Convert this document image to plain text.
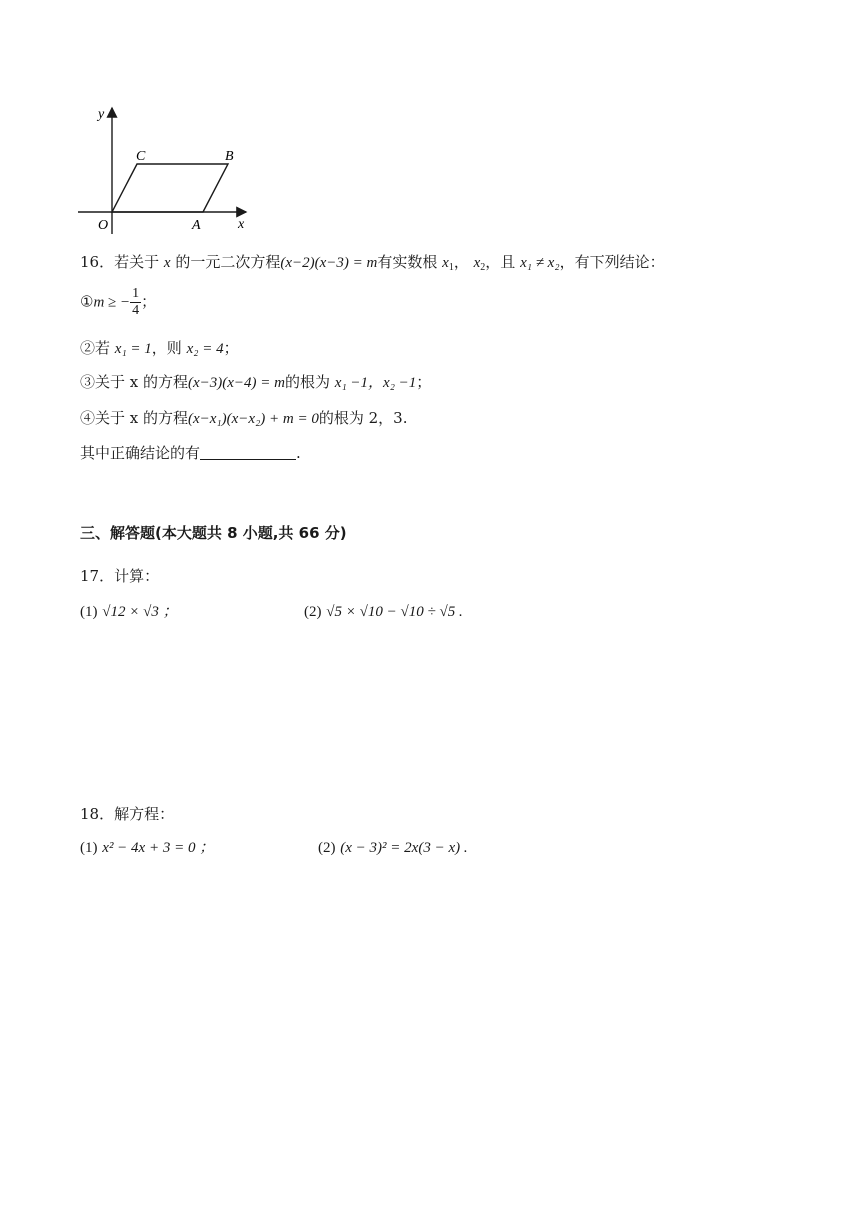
y
x
O	A
B
C
16．若关于 x 的一元二次方程(x−2)(x−3) = m有实数根 $x_1$， $x_2$，且 x₁ ≠ x₂，有下列结论：
①m ≥ − $\frac{1}{4}$ ；
②若 x₁ = 1，则 x₂ = 4；
③关于 x 的方程(x−3)(x−4) = m的根为 x₁ −1，x₂ −1；
④关于 x 的方程(x−x₁)(x−x₂) + m = 0的根为 2，3.
其中正确结论的有	.
三、解答题(本大题共 8 小题,共 66 分)
17．计算：
(1) √12 × √3 ；	(2) √5 × √10 − √10 ÷ √5 .
18．解方程：
(1) x² − 4x + 3 = 0 ；	(2) (x − 3)² = 2x(3 − x) .
